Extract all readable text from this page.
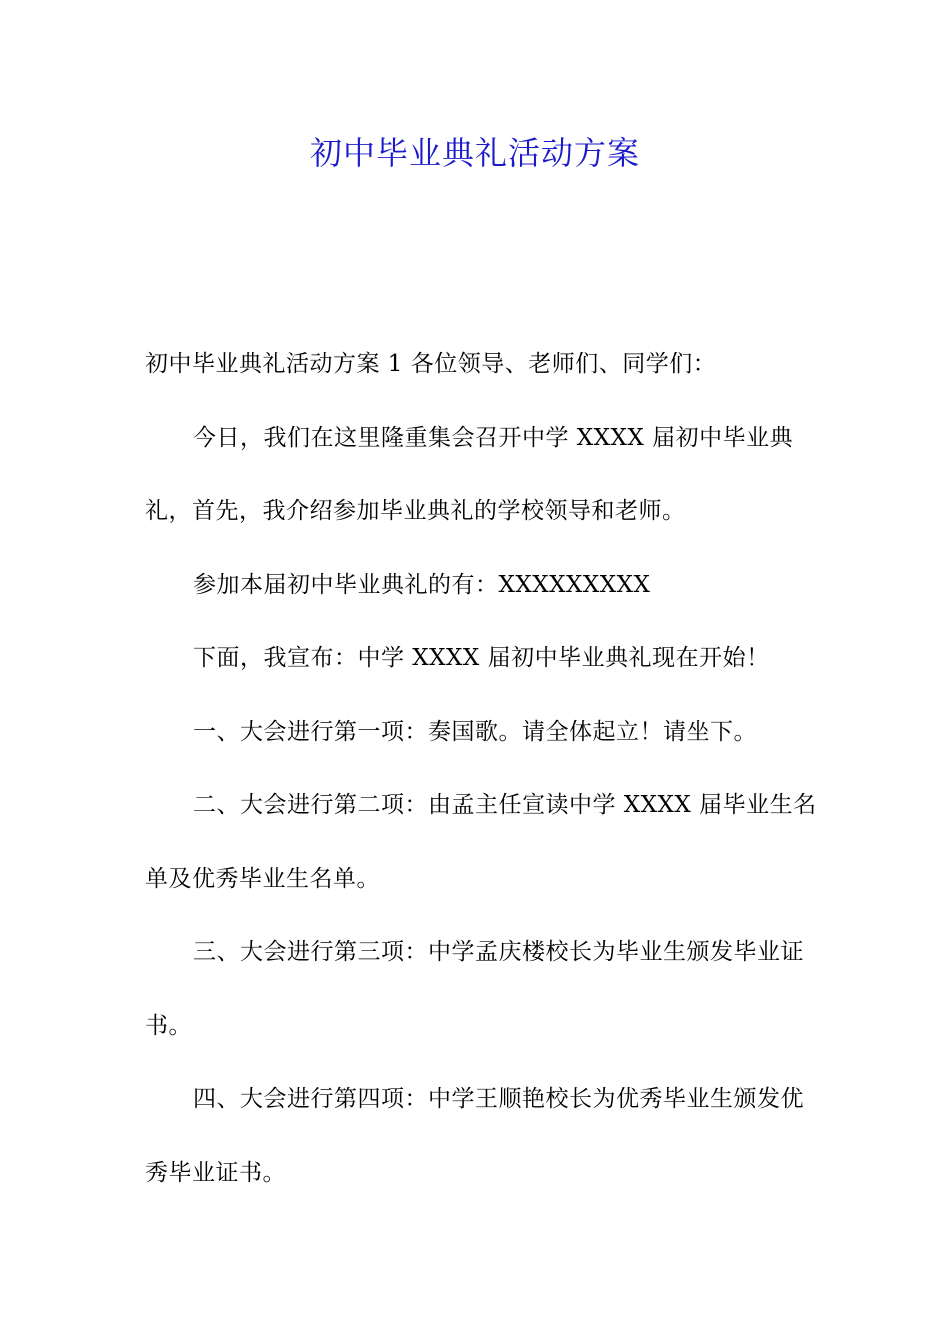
初中毕业典礼活动方案

初中毕业典礼活动方案 1 各位领导、老师们、同学们：

今日，我们在这里隆重集会召开中学 XXXX 届初中毕业典礼，首先，我介绍参加毕业典礼的学校领导和老师。

参加本届初中毕业典礼的有：XXXXXXXXX

下面，我宣布：中学 XXXX 届初中毕业典礼现在开始！

一、大会进行第一项：奏国歌。请全体起立！请坐下。

二、大会进行第二项：由孟主任宣读中学 XXXX 届毕业生名单及优秀毕业生名单。

三、大会进行第三项：中学孟庆楼校长为毕业生颁发毕业证书。

四、大会进行第四项：中学王顺艳校长为优秀毕业生颁发优秀毕业证书。
